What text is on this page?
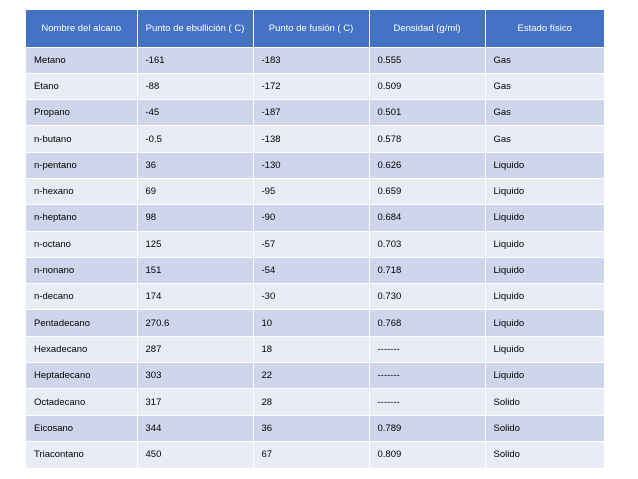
Nombre del alcano	Punto de ebullición ( C)	Punto de fusión ( C)	Densidad (g/ml)	Estado físico
Metano	-161	-183	0.555	Gas
Etano	-88	-172	0.509	Gas
Propano	-45	-187	0.501	Gas
n-butano	-0.5	-138	0.578	Gas
n-pentano	36	-130	0.626	Liquido
n-hexano	69	-95	0.659	Liquido
n-heptano	98	-90	0.684	Liquido
n-octano	125	-57	0.703	Liquido
n-nonano	151	-54	0.718	Liquido
n-decano	174	-30	0.730	Liquido
Pentadecano	270.6	10	0.768	Liquido
Hexadecano	287	18	-------	Liquido
Heptadecano	303	22	-------	Liquido
Octadecano	317	28	-------	Solido
Eicosano	344	36	0.789	Solido
Triacontano	450	67	0.809	Solido
